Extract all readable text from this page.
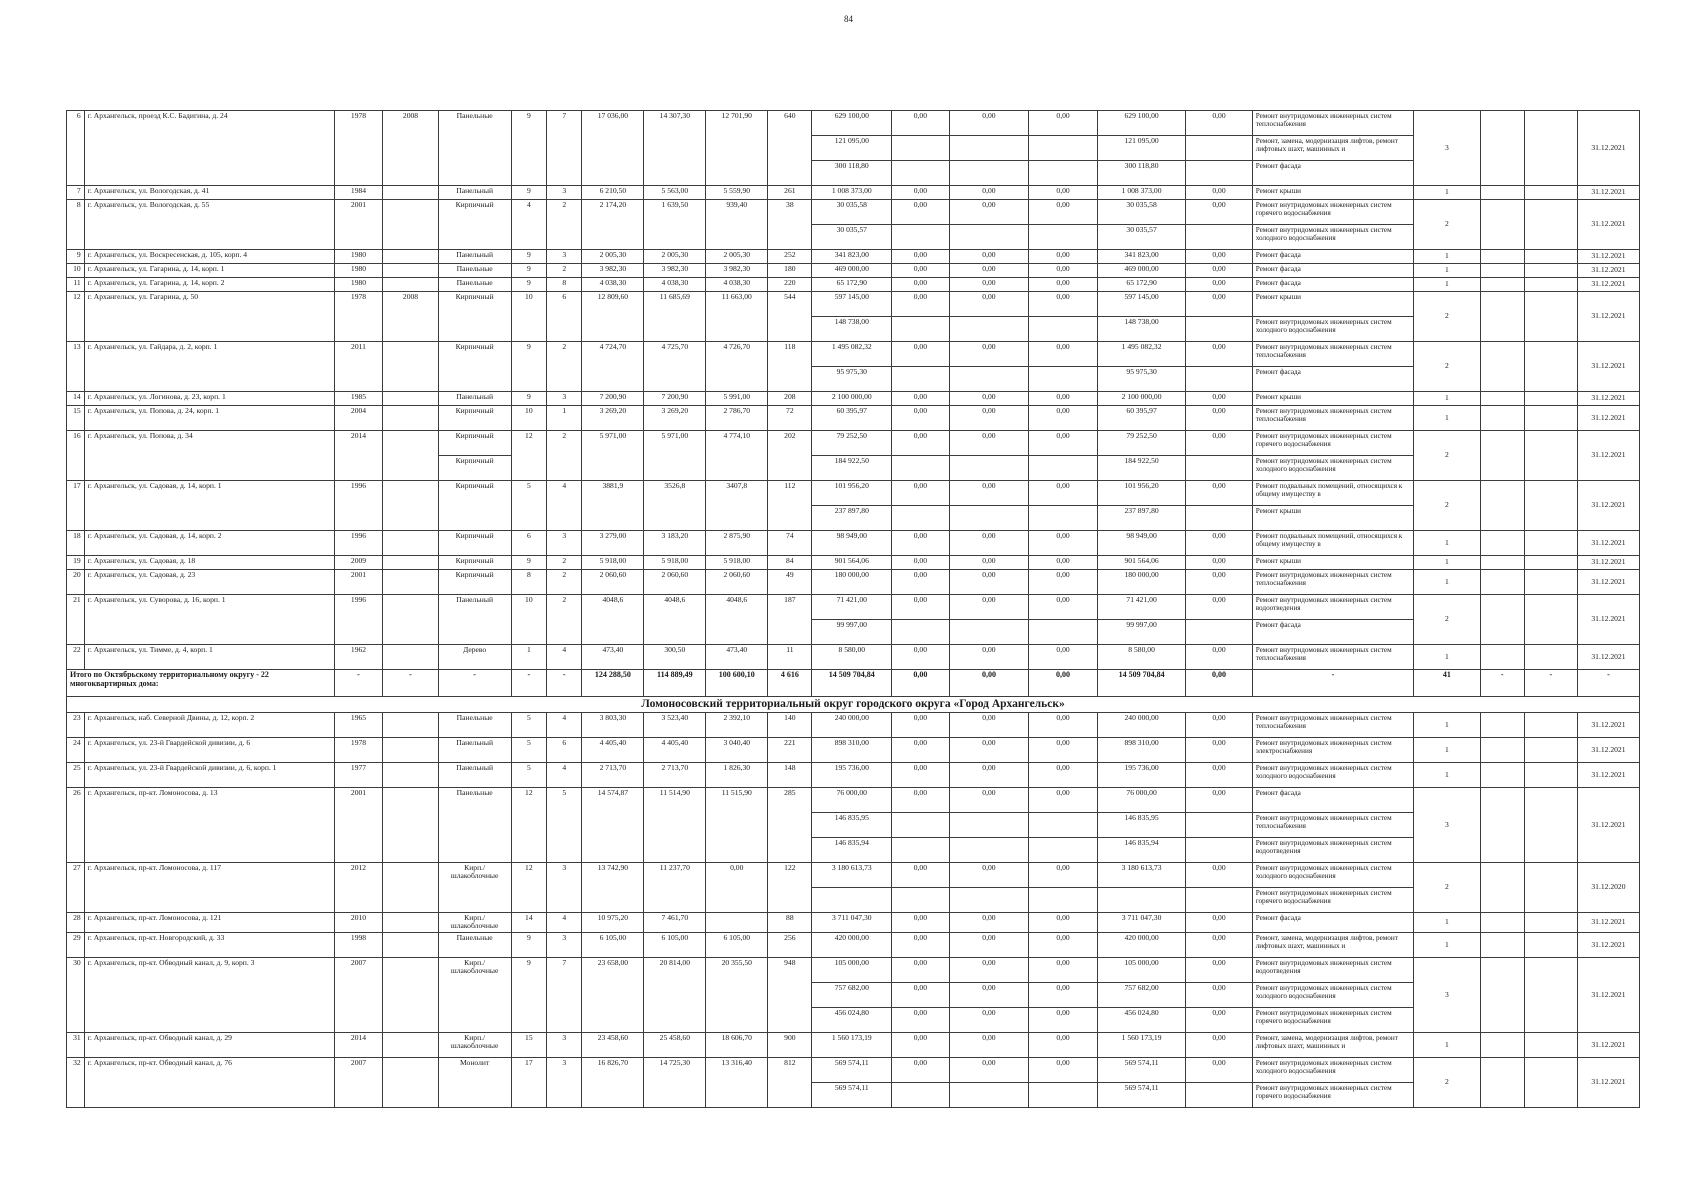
84
6	г. Архангельск, проезд К.С. Бадигина, д. 24	1978	2008	Панельные	9	7	17 036,00	14 307,30	12 701,90	640	629 100,00	0,00	0,00	0,00	629 100,00	0,00	Ремонт внутридомовых инженерных систем теплоснабжения	3			31.12.2021
											121 095,00				121 095,00		Ремонт, замена, модернизация лифтов, ремонт лифтовых шахт, машинных и				
											300 118,80				300 118,80		Ремонт фасада				
7	г. Архангельск, ул. Вологодская, д. 41	1984		Панельный	9	3	6 210,50	5 563,00	5 559,90	261	1 008 373,00	0,00	0,00	0,00	1 008 373,00	0,00	Ремонт крыши	1			31.12.2021
8	г. Архангельск, ул. Вологодская, д. 55	2001		Кирпичный	4	2	2 174,20	1 639,50	939,40	38	30 035,58	0,00	0,00	0,00	30 035,58	0,00	Ремонт внутридомовых инженерных систем горячего водоснабжения	2			31.12.2021
											30 035,57				30 035,57		Ремонт внутридомовых инженерных систем холодного водоснабжения				
9	г. Архангельск, ул. Воскресенская, д. 105, корп. 4	1980		Панельный	9	3	2 005,30	2 005,30	2 005,30	252	341 823,00	0,00	0,00	0,00	341 823,00	0,00	Ремонт фасада	1			31.12.2021
10	г. Архангельск, ул. Гагарина, д. 14, корп. 1	1980		Панельные	9	2	3 982,30	3 982,30	3 982,30	180	469 000,00	0,00	0,00	0,00	469 000,00	0,00	Ремонт фасада	1			31.12.2021
11	г. Архангельск, ул. Гагарина, д. 14, корп. 2	1980		Панельные	9	8	4 038,30	4 038,30	4 038,30	220	65 172,90	0,00	0,00	0,00	65 172,90	0,00	Ремонт фасада	1			31.12.2021
12	г. Архангельск, ул. Гагарина, д. 50	1978	2008	Кирпичный	10	6	12 809,60	11 685,69	11 663,00	544	597 145,00	0,00	0,00	0,00	597 145,00	0,00	Ремонт крыши	2			31.12.2021
											148 738,00				148 738,00		Ремонт внутридомовых инженерных систем холодного водоснабжения				
13	г. Архангельск, ул. Гайдара, д. 2, корп. 1	2011		Кирпичный	9	2	4 724,70	4 725,70	4 726,70	118	1 495 082,32	0,00	0,00	0,00	1 495 082,32	0,00	Ремонт внутридомовых инженерных систем теплоснабжения	2			31.12.2021
											95 975,30				95 975,30		Ремонт фасада				
14	г. Архангельск, ул. Логинова, д. 23, корп. 1	1985		Панельный	9	3	7 200,90	7 200,90	5 991,00	208	2 100 000,00	0,00	0,00	0,00	2 100 000,00	0,00	Ремонт крыши	1			31.12.2021
15	г. Архангельск, ул. Попова, д. 24, корп. 1	2004		Кирпичный	10	1	3 269,20	3 269,20	2 786,70	72	60 395,97	0,00	0,00	0,00	60 395,97	0,00	Ремонт внутридомовых инженерных систем теплоснабжения	1			31.12.2021
16	г. Архангельск, ул. Попова, д. 34	2014		Кирпичный	12	2	5 971,00	5 971,00	4 774,10	202	79 252,50	0,00	0,00	0,00	79 252,50	0,00	Ремонт внутридомовых инженерных систем горячего водоснабжения	2			31.12.2021
				Кирпичный							184 922,50				184 922,50		Ремонт внутридомовых инженерных систем холодного водоснабжения				
17	г. Архангельск, ул. Садовая, д. 14, корп. 1	1996		Кирпичный	5	4	3881,9	3526,8	3407,8	112	101 956,20	0,00	0,00	0,00	101 956,20	0,00	Ремонт подвальных помещений, относящихся к общему имуществу в	2			31.12.2021
											237 897,80				237 897,80		Ремонт крыши				
18	г. Архангельск, ул. Садовая, д. 14, корп. 2	1996		Кирпичный	6	3	3 279,00	3 183,20	2 875,90	74	98 949,00	0,00	0,00	0,00	98 949,00	0,00	Ремонт подвальных помещений, относящихся к общему имуществу в	1			31.12.2021
19	г. Архангельск, ул. Садовая, д. 18	2009		Кирпичный	9	2	5 918,00	5 918,00	5 918,00	84	901 564,06	0,00	0,00	0,00	901 564,06	0,00	Ремонт крыши	1			31.12.2021
20	г. Архангельск, ул. Садовая, д. 23	2001		Кирпичный	8	2	2 060,60	2 060,60	2 060,60	49	180 000,00	0,00	0,00	0,00	180 000,00	0,00	Ремонт внутридомовых инженерных систем теплоснабжения	1			31.12.2021
21	г. Архангельск, ул. Суворова, д. 16, корп. 1	1996		Панельный	10	2	4048,6	4048,6	4048,6	187	71 421,00	0,00	0,00	0,00	71 421,00	0,00	Ремонт внутридомовых инженерных систем водоотведения	2			31.12.2021
											99 997,00				99 997,00		Ремонт фасада				
22	г. Архангельск, ул. Тимме, д. 4, корп. 1	1962		Дерево	1	4	473,40	300,50	473,40	11	8 580,00	0,00	0,00	0,00	8 580,00	0,00	Ремонт внутридомовых инженерных систем теплоснабжения	1			31.12.2021
Итого по Октябрьскому территориальному округу - 22 многоквартирных дома:		-	-	-	-	-	124 288,50	114 889,49	100 600,10	4 616	14 509 704,84	0,00	0,00	0,00	14 509 704,84	0,00	-	41	-	-	-
Ломоносовский территориальный округ городского округа «Город Архангельск»																					
23	г. Архангельск, наб. Северной Двины, д. 12, корп. 2	1965		Панельные	5	4	3 803,30	3 523,40	2 392,10	140	240 000,00	0,00	0,00	0,00	240 000,00	0,00	Ремонт внутридомовых инженерных систем теплоснабжения	1			31.12.2021
24	г. Архангельск, ул. 23-й Гвардейской дивизии, д. 6	1978		Панельный	5	6	4 405,40	4 405,40	3 040,40	221	898 310,00	0,00	0,00	0,00	898 310,00	0,00	Ремонт внутридомовых инженерных систем электроснабжения	1			31.12.2021
25	г. Архангельск, ул. 23-й Гвардейской дивизии, д. 6, корп. 1	1977		Панельный	5	4	2 713,70	2 713,70	1 826,30	148	195 736,00	0,00	0,00	0,00	195 736,00	0,00	Ремонт внутридомовых инженерных систем холодного водоснабжения	1			31.12.2021
26	г. Архангельск, пр-кт. Ломоносова, д. 13	2001		Панельные	12	5	14 574,87	11 514,90	11 515,90	285	76 000,00	0,00	0,00	0,00	76 000,00	0,00	Ремонт фасада	3			31.12.2021
											146 835,95				146 835,95		Ремонт внутридомовых инженерных систем теплоснабжения				
											146 835,94				146 835,94		Ремонт внутридомовых инженерных систем водоотведения				
27	г. Архангельск, пр-кт. Ломоносова, д. 117	2012		Кирп./ шлакоблочные	12	3	13 742,90	11 237,70	0,00	122	3 180 613,73	0,00	0,00	0,00	3 180 613,73	0,00	Ремонт внутридомовых инженерных систем холодного водоснабжения	2			31.12.2020
																	Ремонт внутридомовых инженерных систем горячего водоснабжения				
28	г. Архангельск, пр-кт. Ломоносова, д. 121	2010		Кирп./ шлакоблочные	14	4	10 975,20	7 461,70		88	3 711 047,30	0,00	0,00	0,00	3 711 047,30	0,00	Ремонт фасада	1			31.12.2021
29	г. Архангельск, пр-кт. Новгородский, д. 33	1998		Панельные	9	3	6 105,00	6 105,00	6 105,00	256	420 000,00	0,00	0,00	0,00	420 000,00	0,00	Ремонт, замена, модернизация лифтов, ремонт лифтовых шахт, машинных и	1			31.12.2021
30	г. Архангельск, пр-кт. Обводный канал, д. 9, корп. 3	2007		Кирп./ шлакоблочные	9	7	23 658,00	20 814,00	20 355,50	948	105 000,00	0,00	0,00	0,00	105 000,00	0,00	Ремонт внутридомовых инженерных систем водоотведения	3			31.12.2021
											757 682,00	0,00	0,00	0,00	757 682,00	0,00	Ремонт внутридомовых инженерных систем холодного водоснабжения				
											456 024,80	0,00	0,00	0,00	456 024,80	0,00	Ремонт внутридомовых инженерных систем горячего водоснабжения				
31	г. Архангельск, пр-кт. Обводный канал, д. 29	2014		Кирп./ шлакоблочные	15	3	23 458,60	25 458,60	18 606,70	900	1 560 173,19	0,00	0,00	0,00	1 560 173,19	0,00	Ремонт, замена, модернизация лифтов, ремонт лифтовых шахт, машинных и	1			31.12.2021
32	г. Архангельск, пр-кт. Обводный канал, д. 76	2007		Монолит	17	3	16 826,70	14 725,30	13 316,40	812	569 574,11	0,00	0,00	0,00	569 574,11	0,00	Ремонт внутридомовых инженерных систем холодного водоснабжения	2			31.12.2021
											569 574,11				569 574,11		Ремонт внутридомовых инженерных систем горячего водоснабжения				
